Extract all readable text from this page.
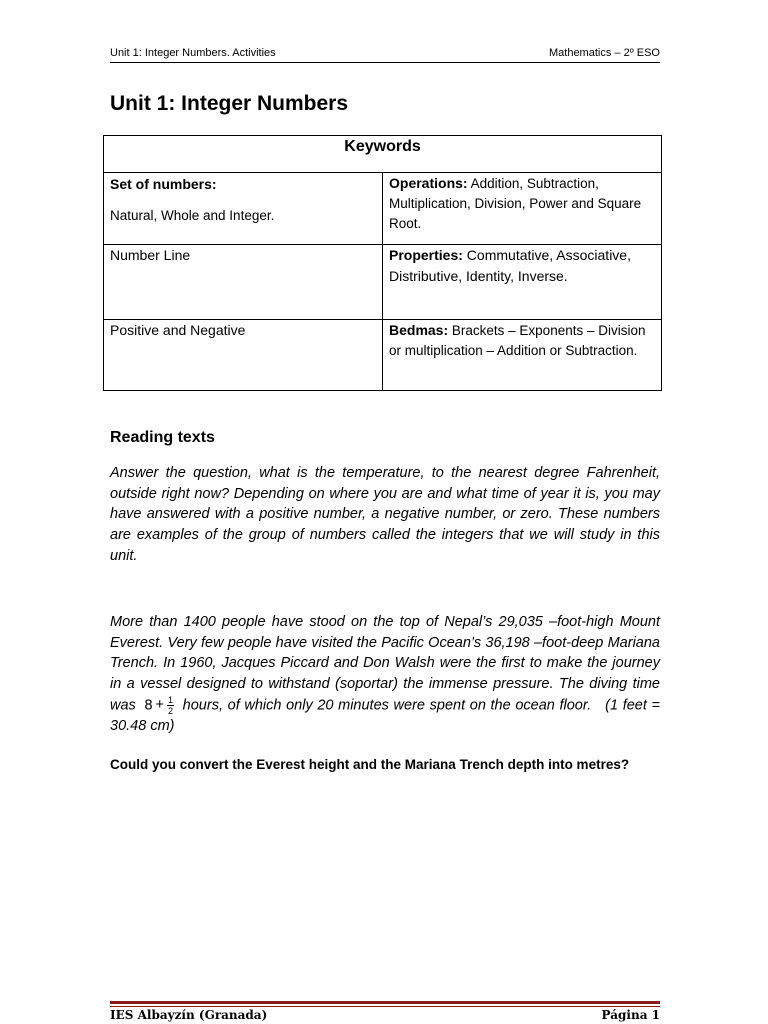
Unit 1: Integer Numbers. Activities	Mathematics – 2º ESO
Unit 1: Integer Numbers
Keywords	

Set of numbers:
Natural, Whole and Integer.	Operations: Addition, Subtraction, Multiplication, Division, Power and Square Root.
Number Line	Properties: Commutative, Associative, Distributive, Identity, Inverse.
Positive and Negative	Bedmas: Brackets – Exponents – Division or multiplication – Addition or Subtraction.
Reading texts

Answer the question, what is the temperature, to the nearest degree Fahrenheit, outside right now? Depending on where you are and what time of year it is, you may have answered with a positive number, a negative number, or zero. These numbers are examples of the group of numbers called the integers that we will study in this unit.

More than 1400 people have stood on the top of Nepal’s 29,035 –foot-high Mount Everest. Very few people have visited the Pacific Ocean’s 36,198 –foot-deep Mariana Trench. In 1960, Jacques Piccard and Don Walsh were the first to make the journey in a vessel designed to withstand (soportar) the immense pressure. The diving time was $8 + \frac{1}{2}$ hours, of which only 20 minutes were spent on the ocean floor.   (1 feet = 30.48 cm)

Could you convert the Everest height and the Mariana Trench depth into metres?

IES Albayzín (Granada)	Página 1
